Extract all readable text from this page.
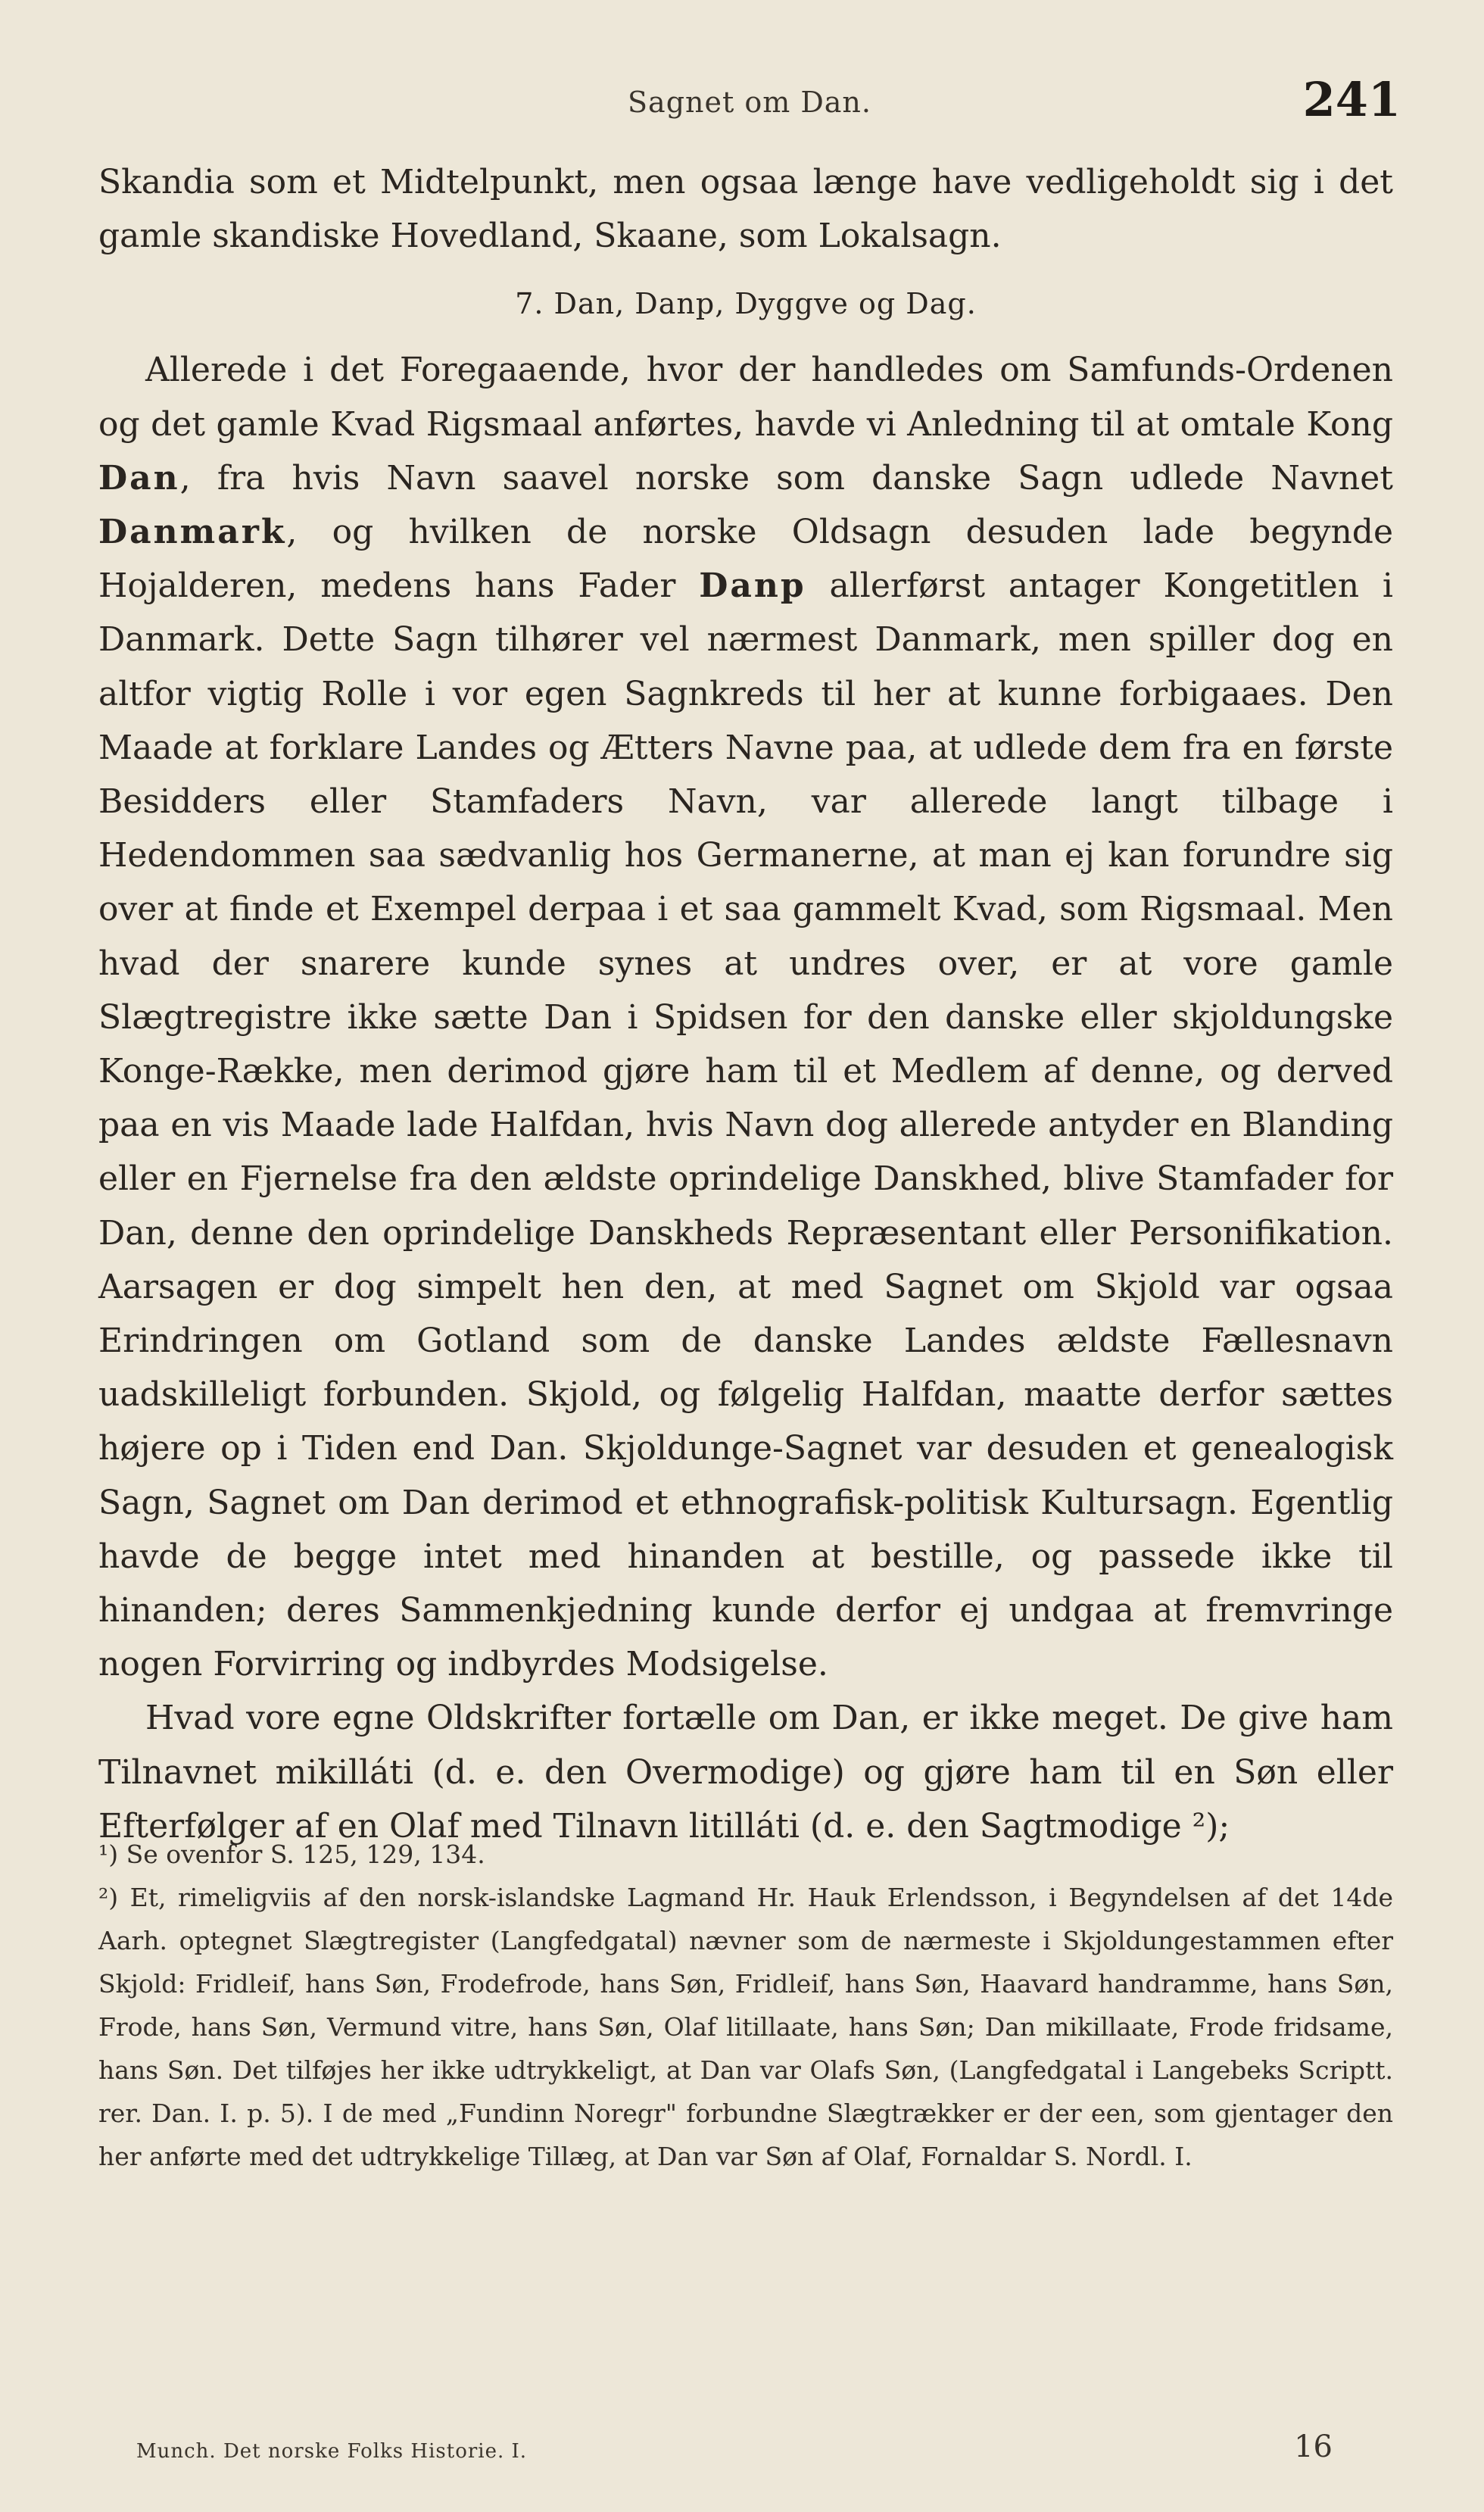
Sagnet om Dan.	241

Skandia som et Midtelpunkt, men ogsaa længe have vedligeholdt sig i det gamle skandiske Hovedland, Skaane, som Lokalsagn.

7. Dan, Danp, Dyggve og Dag.

Allerede i det Foregaaende, hvor der handledes om Samfunds-Ordenen og det gamle Kvad Rigsmaal anførtes, havde vi Anledning til at omtale Kong Dan, fra hvis Navn saavel norske som danske Sagn udlede Navnet Danmark, og hvilken de norske Oldsagn desuden lade begynde Hojalderen, medens hans Fader Danp allerførst antager Kongetitlen i Danmark. Dette Sagn tilhører vel nærmest Danmark, men spiller dog en altfor vigtig Rolle i vor egen Sagnkreds til her at kunne forbigaaes. Den Maade at forklare Landes og Ætters Navne paa, at udlede dem fra en første Besidders eller Stamfaders Navn, var allerede langt tilbage i Hedendommen saa sædvanlig hos Germanerne, at man ej kan forundre sig over at finde et Exempel derpaa i et saa gammelt Kvad, som Rigsmaal. Men hvad der snarere kunde synes at undres over, er at vore gamle Slægtregistre ikke sætte Dan i Spidsen for den danske eller skjoldungske Konge-Række, men derimod gjøre ham til et Medlem af denne, og derved paa en vis Maade lade Halfdan, hvis Navn dog allerede antyder en Blanding eller en Fjernelse fra den ældste oprindelige Danskhed, blive Stamfader for Dan, denne den oprindelige Danskheds Repræsentant eller Personifikation. Aarsagen er dog simpelt hen den, at med Sagnet om Skjold var ogsaa Erindringen om Gotland som de danske Landes ældste Fællesnavn uadskilleligt forbunden. Skjold, og følgelig Halfdan, maatte derfor sættes højere op i Tiden end Dan. Skjoldunge-Sagnet var desuden et genealogisk Sagn, Sagnet om Dan derimod et ethnografisk-politisk Kultursagn. Egentlig havde de begge intet med hinanden at bestille, og passede ikke til hinanden; deres Sammenkjedning kunde derfor ej undgaa at fremvringe nogen Forvirring og indbyrdes Modsigelse.

Hvad vore egne Oldskrifter fortælle om Dan, er ikke meget. De give ham Tilnavnet mikilláti (d. e. den Overmodige) og gjøre ham til en Søn eller Efterfølger af en Olaf med Tilnavn litilláti (d. e. den Sagtmodige ²);

¹) Se ovenfor S. 125, 129, 134.

²) Et, rimeligviis af den norsk-islandske Lagmand Hr. Hauk Erlendsson, i Begyndelsen af det 14de Aarh. optegnet Slægtregister (Langfedgatal) nævner som de nærmeste i Skjoldungestammen efter Skjold: Fridleif, hans Søn, Frodefrode, hans Søn, Fridleif, hans Søn, Haavard handramme, hans Søn, Frode, hans Søn, Vermund vitre, hans Søn, Olaf litillaate, hans Søn; Dan mikillaate, Frode fridsame, hans Søn. Det tilføjes her ikke udtrykkeligt, at Dan var Olafs Søn, (Langfedgatal i Langebeks Scriptt. rer. Dan. I. p. 5). I de med „Fundinn Noregr" forbundne Slægtrækker er der een, som gjentager den her anførte med det udtrykkelige Tillæg, at Dan var Søn af Olaf, Fornaldar S. Nordl. I.

Munch. Det norske Folks Historie. I.	16
